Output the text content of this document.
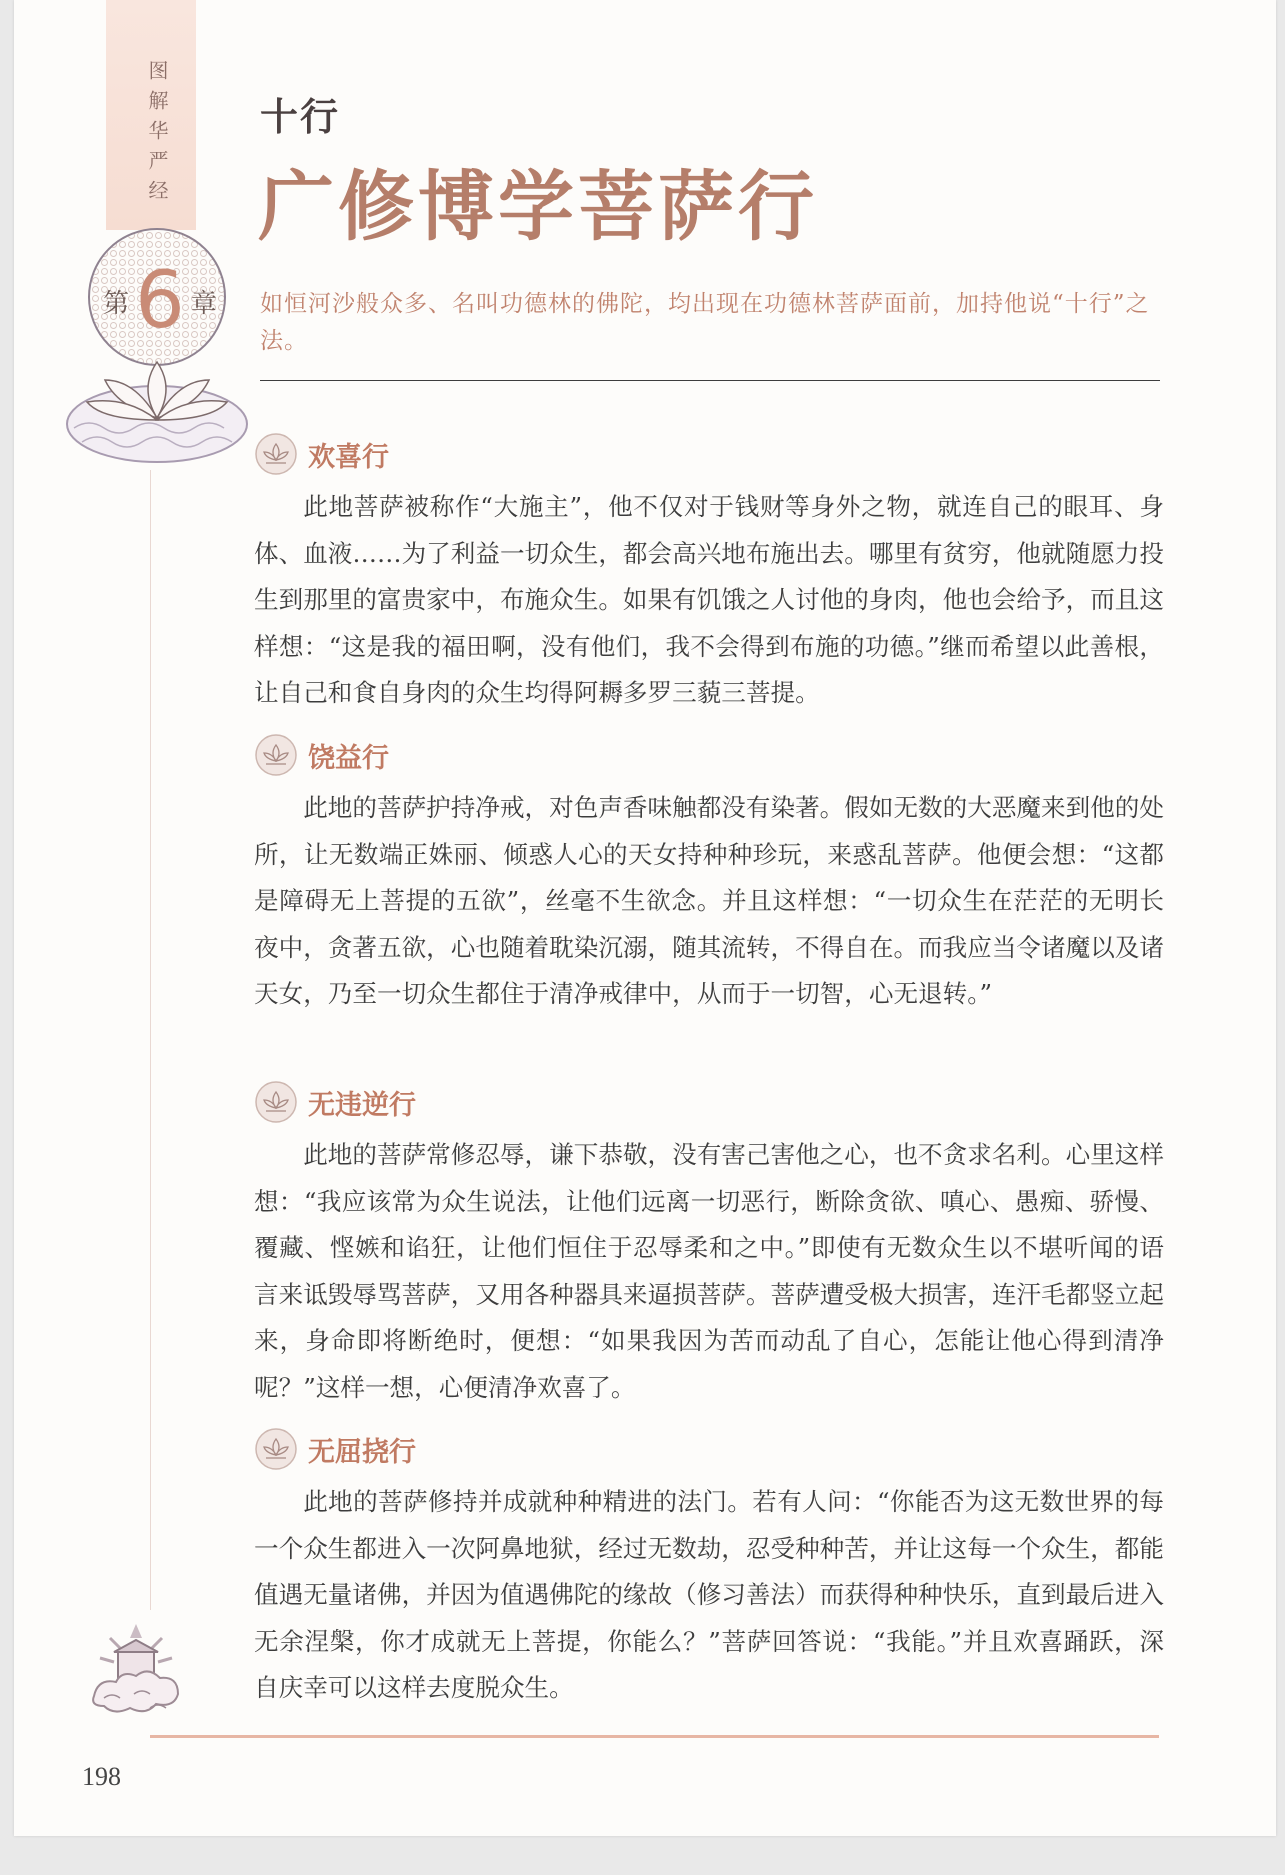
图解华严经
第 6 章
十行
广修博学菩萨行
如恒河沙般众多、名叫功德林的佛陀，均出现在功德林菩萨面前，加持他说“十行”之法。
欢喜行

此地菩萨被称作“大施主”，他不仅对于钱财等身外之物，就连自己的眼耳、身体、血液……为了利益一切众生，都会高兴地布施出去。哪里有贫穷，他就随愿力投生到那里的富贵家中，布施众生。如果有饥饿之人讨他的身肉，他也会给予，而且这样想：“这是我的福田啊，没有他们，我不会得到布施的功德。”继而希望以此善根，让自己和食自身肉的众生均得阿耨多罗三藐三菩提。

饶益行

此地的菩萨护持净戒，对色声香味触都没有染著。假如无数的大恶魔来到他的处所，让无数端正姝丽、倾惑人心的天女持种种珍玩，来惑乱菩萨。他便会想：“这都是障碍无上菩提的五欲”，丝毫不生欲念。并且这样想：“一切众生在茫茫的无明长夜中，贪著五欲，心也随着耽染沉溺，随其流转，不得自在。而我应当令诸魔以及诸天女，乃至一切众生都住于清净戒律中，从而于一切智，心无退转。”

无违逆行

此地的菩萨常修忍辱，谦下恭敬，没有害己害他之心，也不贪求名利。心里这样想：“我应该常为众生说法，让他们远离一切恶行，断除贪欲、嗔心、愚痴、骄慢、覆藏、悭嫉和谄狂，让他们恒住于忍辱柔和之中。”即使有无数众生以不堪听闻的语言来诋毁辱骂菩萨，又用各种器具来逼损菩萨。菩萨遭受极大损害，连汗毛都竖立起来，身命即将断绝时，便想：“如果我因为苦而动乱了自心，怎能让他心得到清净呢？”这样一想，心便清净欢喜了。

无屈挠行

此地的菩萨修持并成就种种精进的法门。若有人问：“你能否为这无数世界的每一个众生都进入一次阿鼻地狱，经过无数劫，忍受种种苦，并让这每一个众生，都能值遇无量诸佛，并因为值遇佛陀的缘故（修习善法）而获得种种快乐，直到最后进入无余涅槃，你才成就无上菩提，你能么？”菩萨回答说：“我能。”并且欢喜踊跃，深自庆幸可以这样去度脱众生。

198
